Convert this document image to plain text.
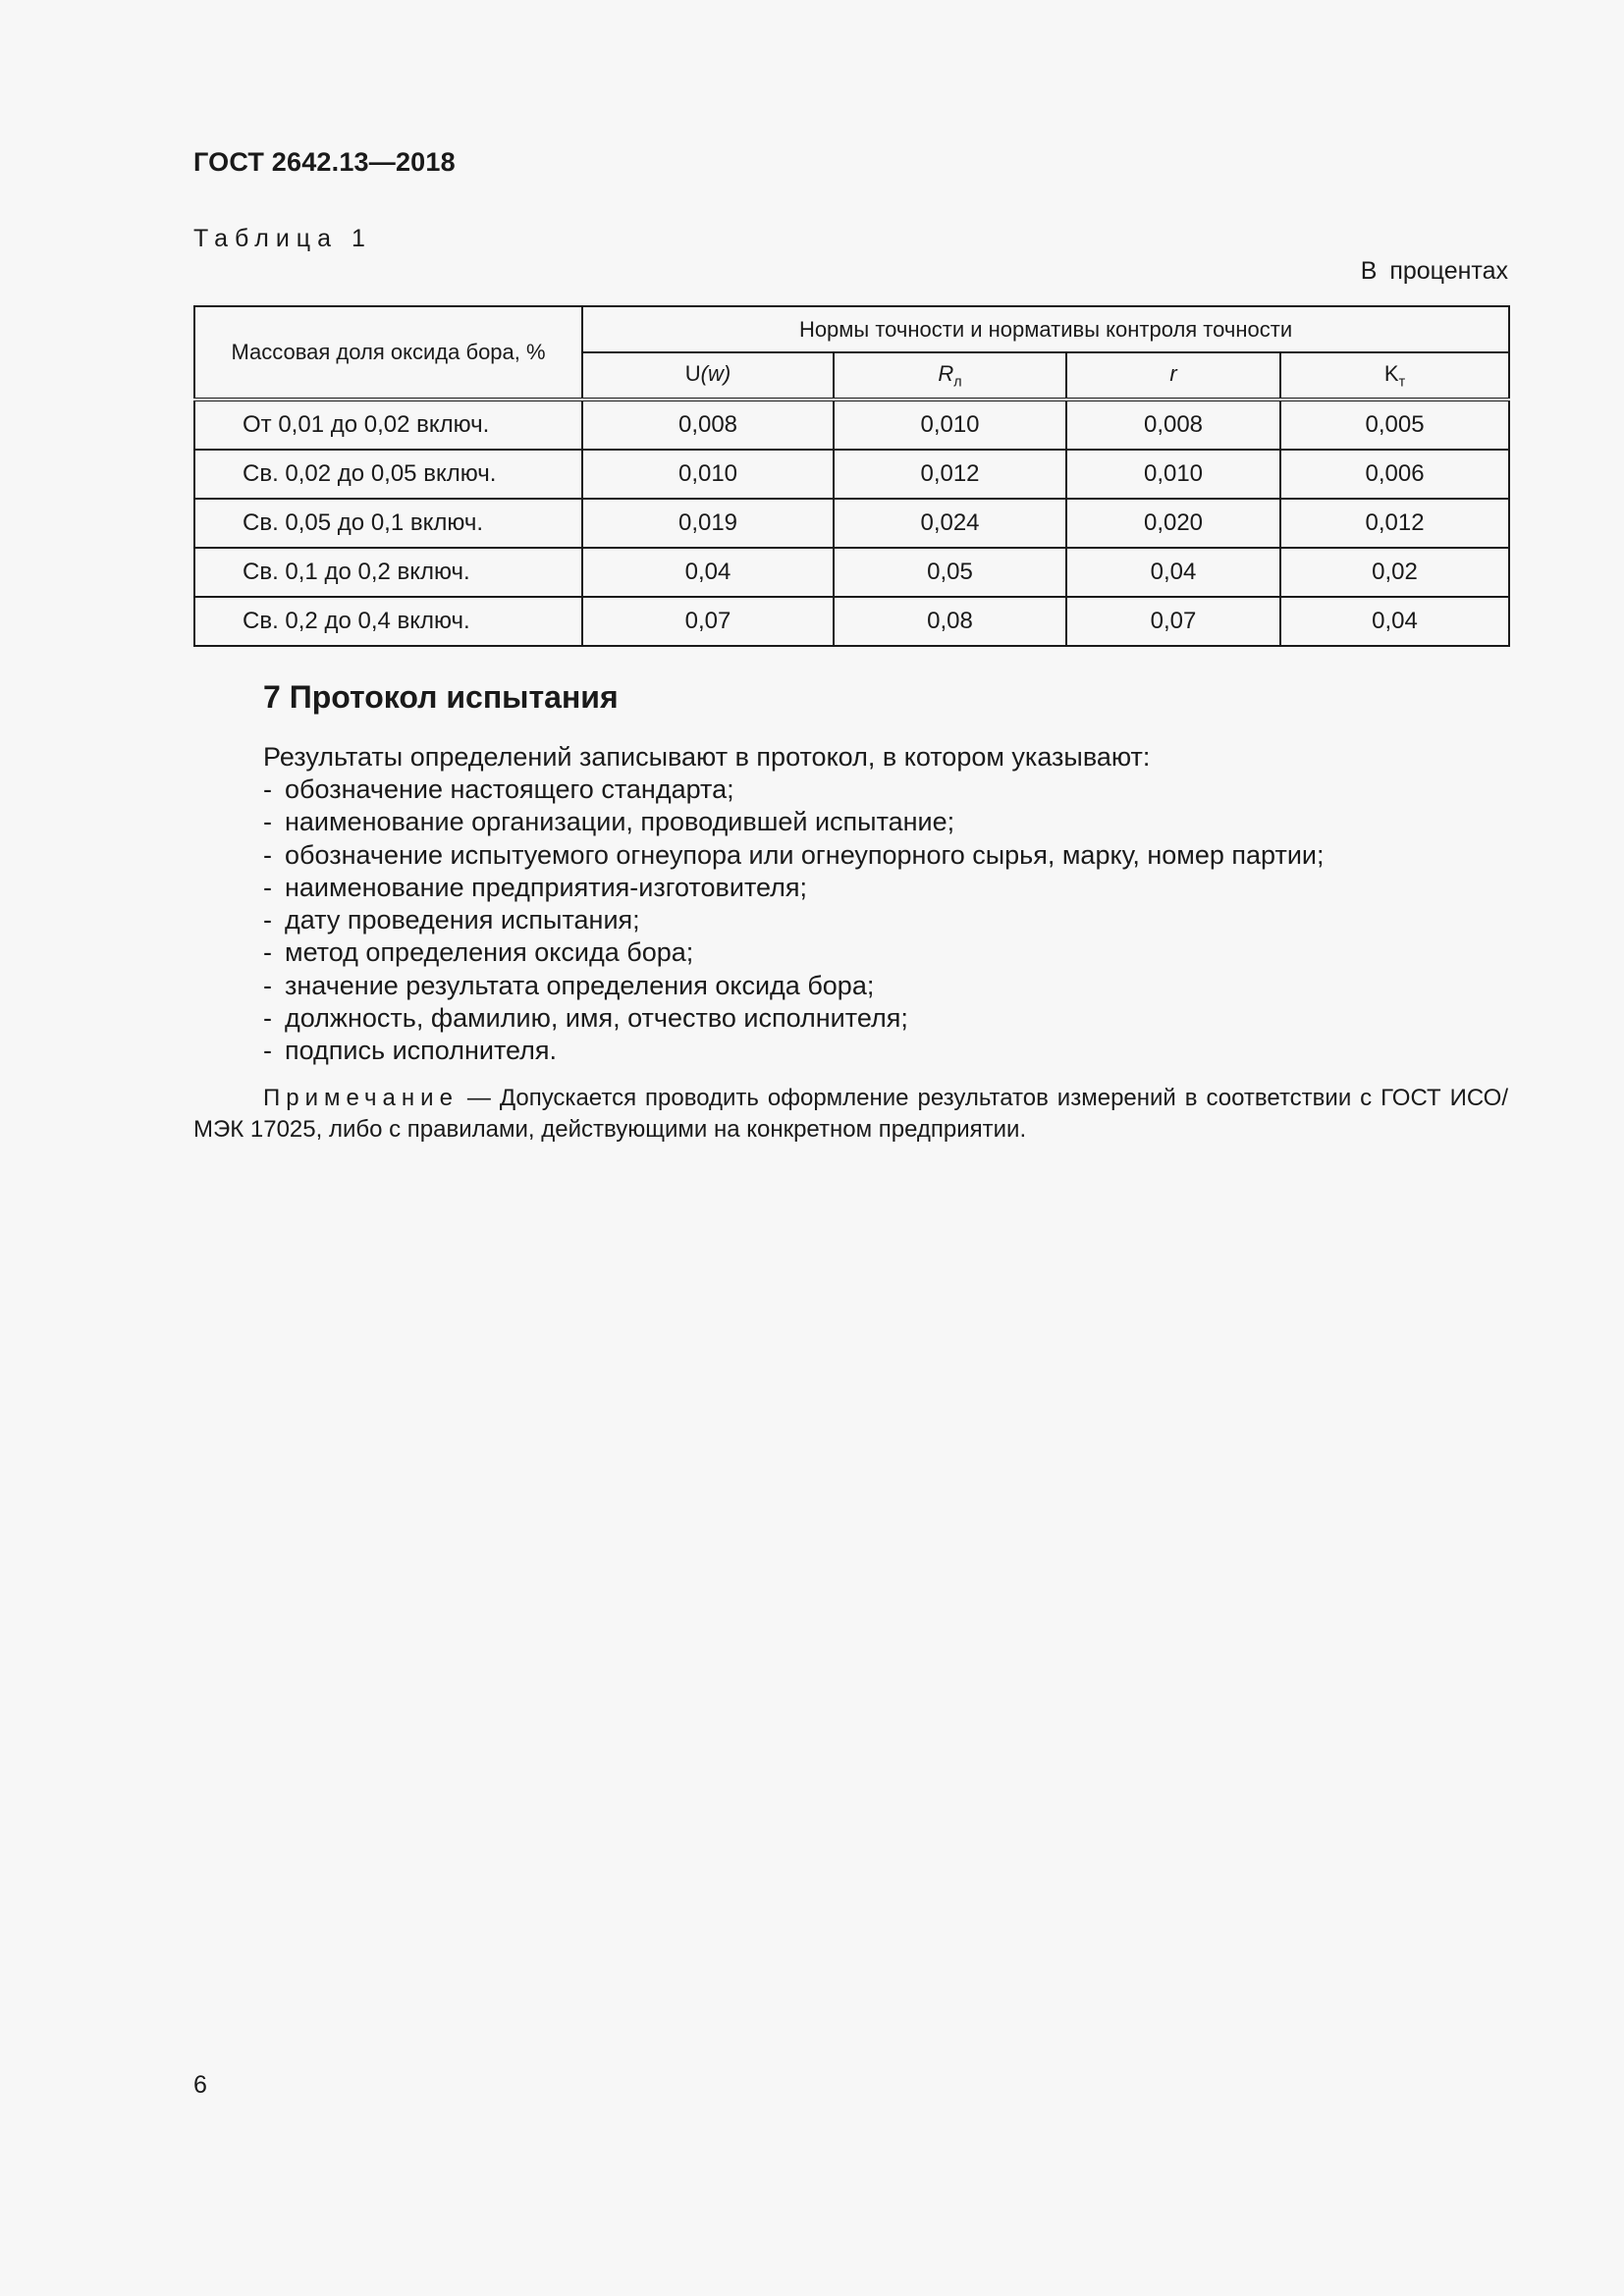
ГОСТ 2642.13—2018
Таблица 1
В процентах
Массовая доля оксида бора, %	Нормы точности и нормативы контроля точности			
	U(w)	$R_л$	r	$K_т$
От 0,01 до 0,02 включ.	0,008	0,010	0,008	0,005
Св. 0,02 до 0,05 включ.	0,010	0,012	0,010	0,006
Св. 0,05 до 0,1 включ.	0,019	0,024	0,020	0,012
Св. 0,1 до 0,2 включ.	0,04	0,05	0,04	0,02
Св. 0,2 до 0,4 включ.	0,07	0,08	0,07	0,04
7 Протокол испытания
Результаты определений записывают в протокол, в котором указывают:
- обозначение настоящего стандарта;
- наименование организации, проводившей испытание;
- обозначение испытуемого огнеупора или огнеупорного сырья, марку, номер партии;
- наименование предприятия-изготовителя;
- дату проведения испытания;
- метод определения оксида бора;
- значение результата определения оксида бора;
- должность, фамилию, имя, отчество исполнителя;
- подпись исполнителя.
Примечание — Допускается проводить оформление результатов измерений в соответствии с ГОСТ ИСО/МЭК 17025, либо с правилами, действующими на конкретном предприятии.
6
